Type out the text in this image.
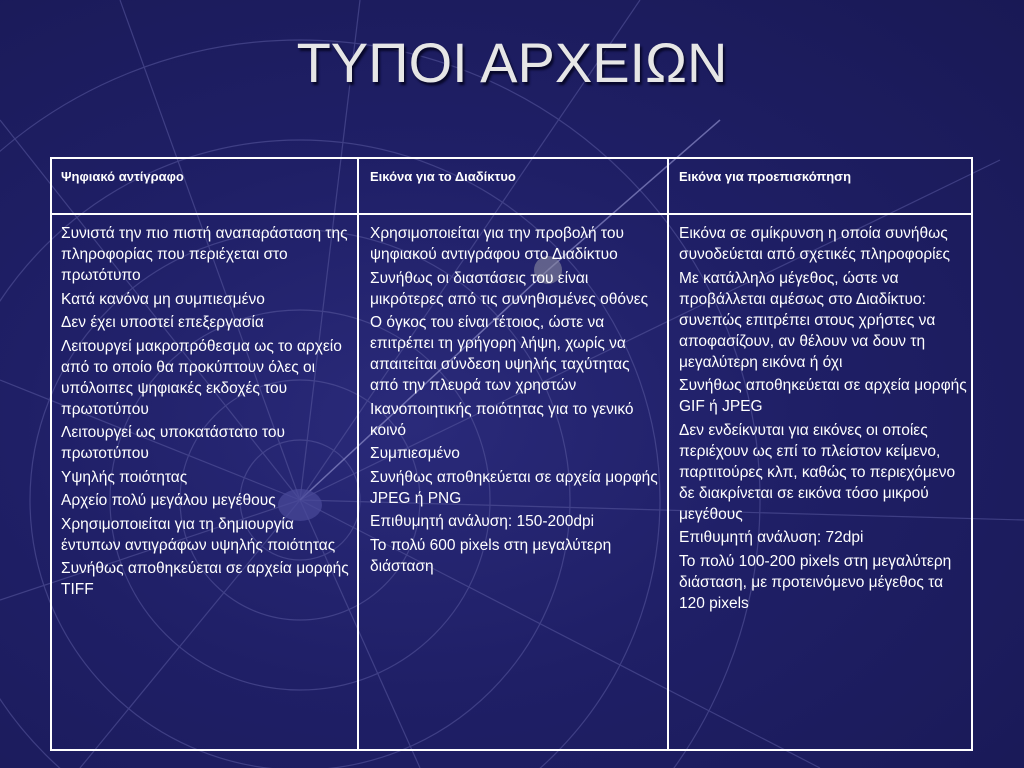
ΤΥΠΟΙ ΑΡΧΕΙΩΝ
Ψηφιακό αντίγραφο	Εικόνα για το Διαδίκτυο	Εικόνα για προεπισκόπηση

Συνιστά την πιο πιστή αναπαράσταση της πληροφορίας που περιέχεται στο πρωτότυπο

Κατά κανόνα μη συμπιεσμένο

Δεν έχει υποστεί επεξεργασία

Λειτουργεί μακροπρόθεσμα ως το αρχείο από το οποίο θα προκύπτουν όλες οι υπόλοιπες ψηφιακές εκδοχές του πρωτοτύπου

Λειτουργεί ως υποκατάστατο του πρωτοτύπου

Υψηλής ποιότητας

Αρχείο πολύ μεγάλου μεγέθους

Χρησιμοποιείται για τη δημιουργία έντυπων αντιγράφων υψηλής ποιότητας

Συνήθως αποθηκεύεται σε αρχεία μορφής TIFF

Χρησιμοποιείται για την προβολή του ψηφιακού αντιγράφου στο Διαδίκτυο

Συνήθως οι διαστάσεις του είναι μικρότερες από τις συνηθισμένες οθόνες

Ο όγκος του είναι τέτοιος, ώστε να επιτρέπει τη γρήγορη λήψη, χωρίς να απαιτείται σύνδεση υψηλής ταχύτητας από την πλευρά των χρηστών

Ικανοποιητικής ποιότητας για το γενικό κοινό

Συμπιεσμένο

Συνήθως αποθηκεύεται σε αρχεία μορφής JPEG ή PNG

Επιθυμητή ανάλυση: 150-200dpi

Το πολύ 600 pixels στη μεγαλύτερη διάσταση

Εικόνα σε σμίκρυνση η οποία συνήθως συνοδεύεται από σχετικές πληροφορίες

Με κατάλληλο μέγεθος, ώστε να προβάλλεται αμέσως στο Διαδίκτυο: συνεπώς επιτρέπει στους χρήστες να αποφασίζουν, αν θέλουν να δουν τη μεγαλύτερη εικόνα ή όχι

Συνήθως αποθηκεύεται σε αρχεία μορφής GIF ή JPEG

Δεν ενδείκνυται για εικόνες οι οποίες περιέχουν ως επί το πλείστον κείμενο, παρτιτούρες κλπ, καθώς το περιεχόμενο δε διακρίνεται σε εικόνα τόσο μικρού μεγέθους

Επιθυμητή ανάλυση: 72dpi

Το πολύ 100-200 pixels στη μεγαλύτερη διάσταση, με προτεινόμενο μέγεθος τα 120 pixels
